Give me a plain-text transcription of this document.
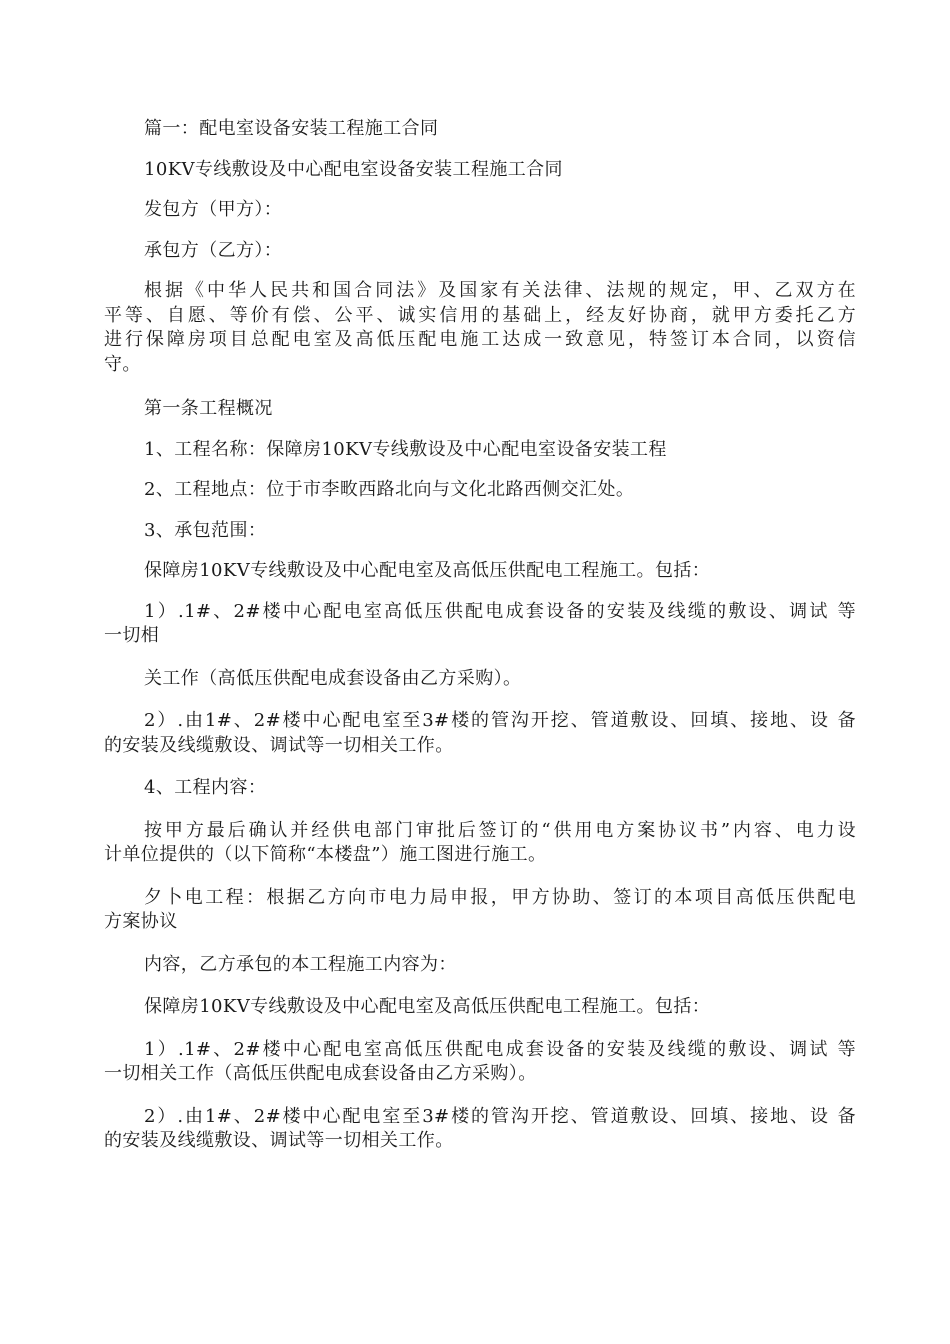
篇一：配电室设备安装工程施工合同

10KV专线敷设及中心配电室设备安装工程施工合同

发包方（甲方）：

承包方（乙方）：

根据《中华人民共和国合同法》及国家有关法律、法规的规定，甲、乙双方在
平等、自愿、等价有偿、公平、诚实信用的基础上，经友好协商，就甲方委托乙方
进行保障房项目总配电室及高低压配电施工达成一致意见，特签订本合同，以资信
守。

第一条工程概况

1、工程名称：保障房10KV专线敷设及中心配电室设备安装工程

2、工程地点：位于市李畋西路北向与文化北路西侧交汇处。

3、承包范围：

保障房10KV专线敷设及中心配电室及高低压供配电工程施工。包括：

1）.1#、2#楼中心配电室高低压供配电成套设备的安装及线缆的敷设、调试 等
一切相

关工作（高低压供配电成套设备由乙方采购）。

2）.由1#、2#楼中心配电室至3#楼的管沟开挖、管道敷设、回填、接地、设 备
的安装及线缆敷设、调试等一切相关工作。

4、工程内容：

按甲方最后确认并经供电部门审批后签订的“供用电方案协议书”内容、电力设
计单位提供的（以下简称“本楼盘”）施工图进行施工。

夕卜电工程：根据乙方向市电力局申报，甲方协助、签订的本项目高低压供配电
方案协议

内容，乙方承包的本工程施工内容为：

保障房10KV专线敷设及中心配电室及高低压供配电工程施工。包括：

1）.1#、2#楼中心配电室高低压供配电成套设备的安装及线缆的敷设、调试 等
一切相关工作（高低压供配电成套设备由乙方采购）。

2）.由1#、2#楼中心配电室至3#楼的管沟开挖、管道敷设、回填、接地、设 备
的安装及线缆敷设、调试等一切相关工作。
